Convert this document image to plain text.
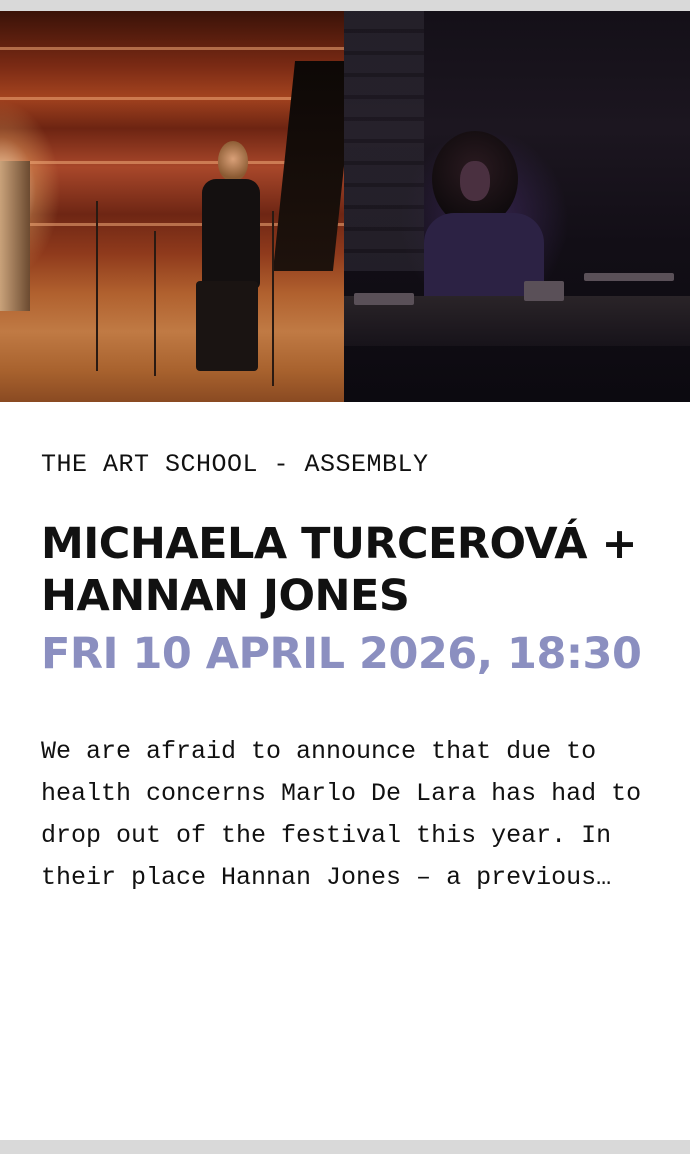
THE ART SCHOOL - ASSEMBLY

MICHAELA TURCEROVÁ + HANNAN JONES

FRI 10 APRIL 2026, 18:30

We are afraid to announce that due to health concerns Marlo De Lara has had to drop out of the festival this year. In their place Hannan Jones – a previous…
